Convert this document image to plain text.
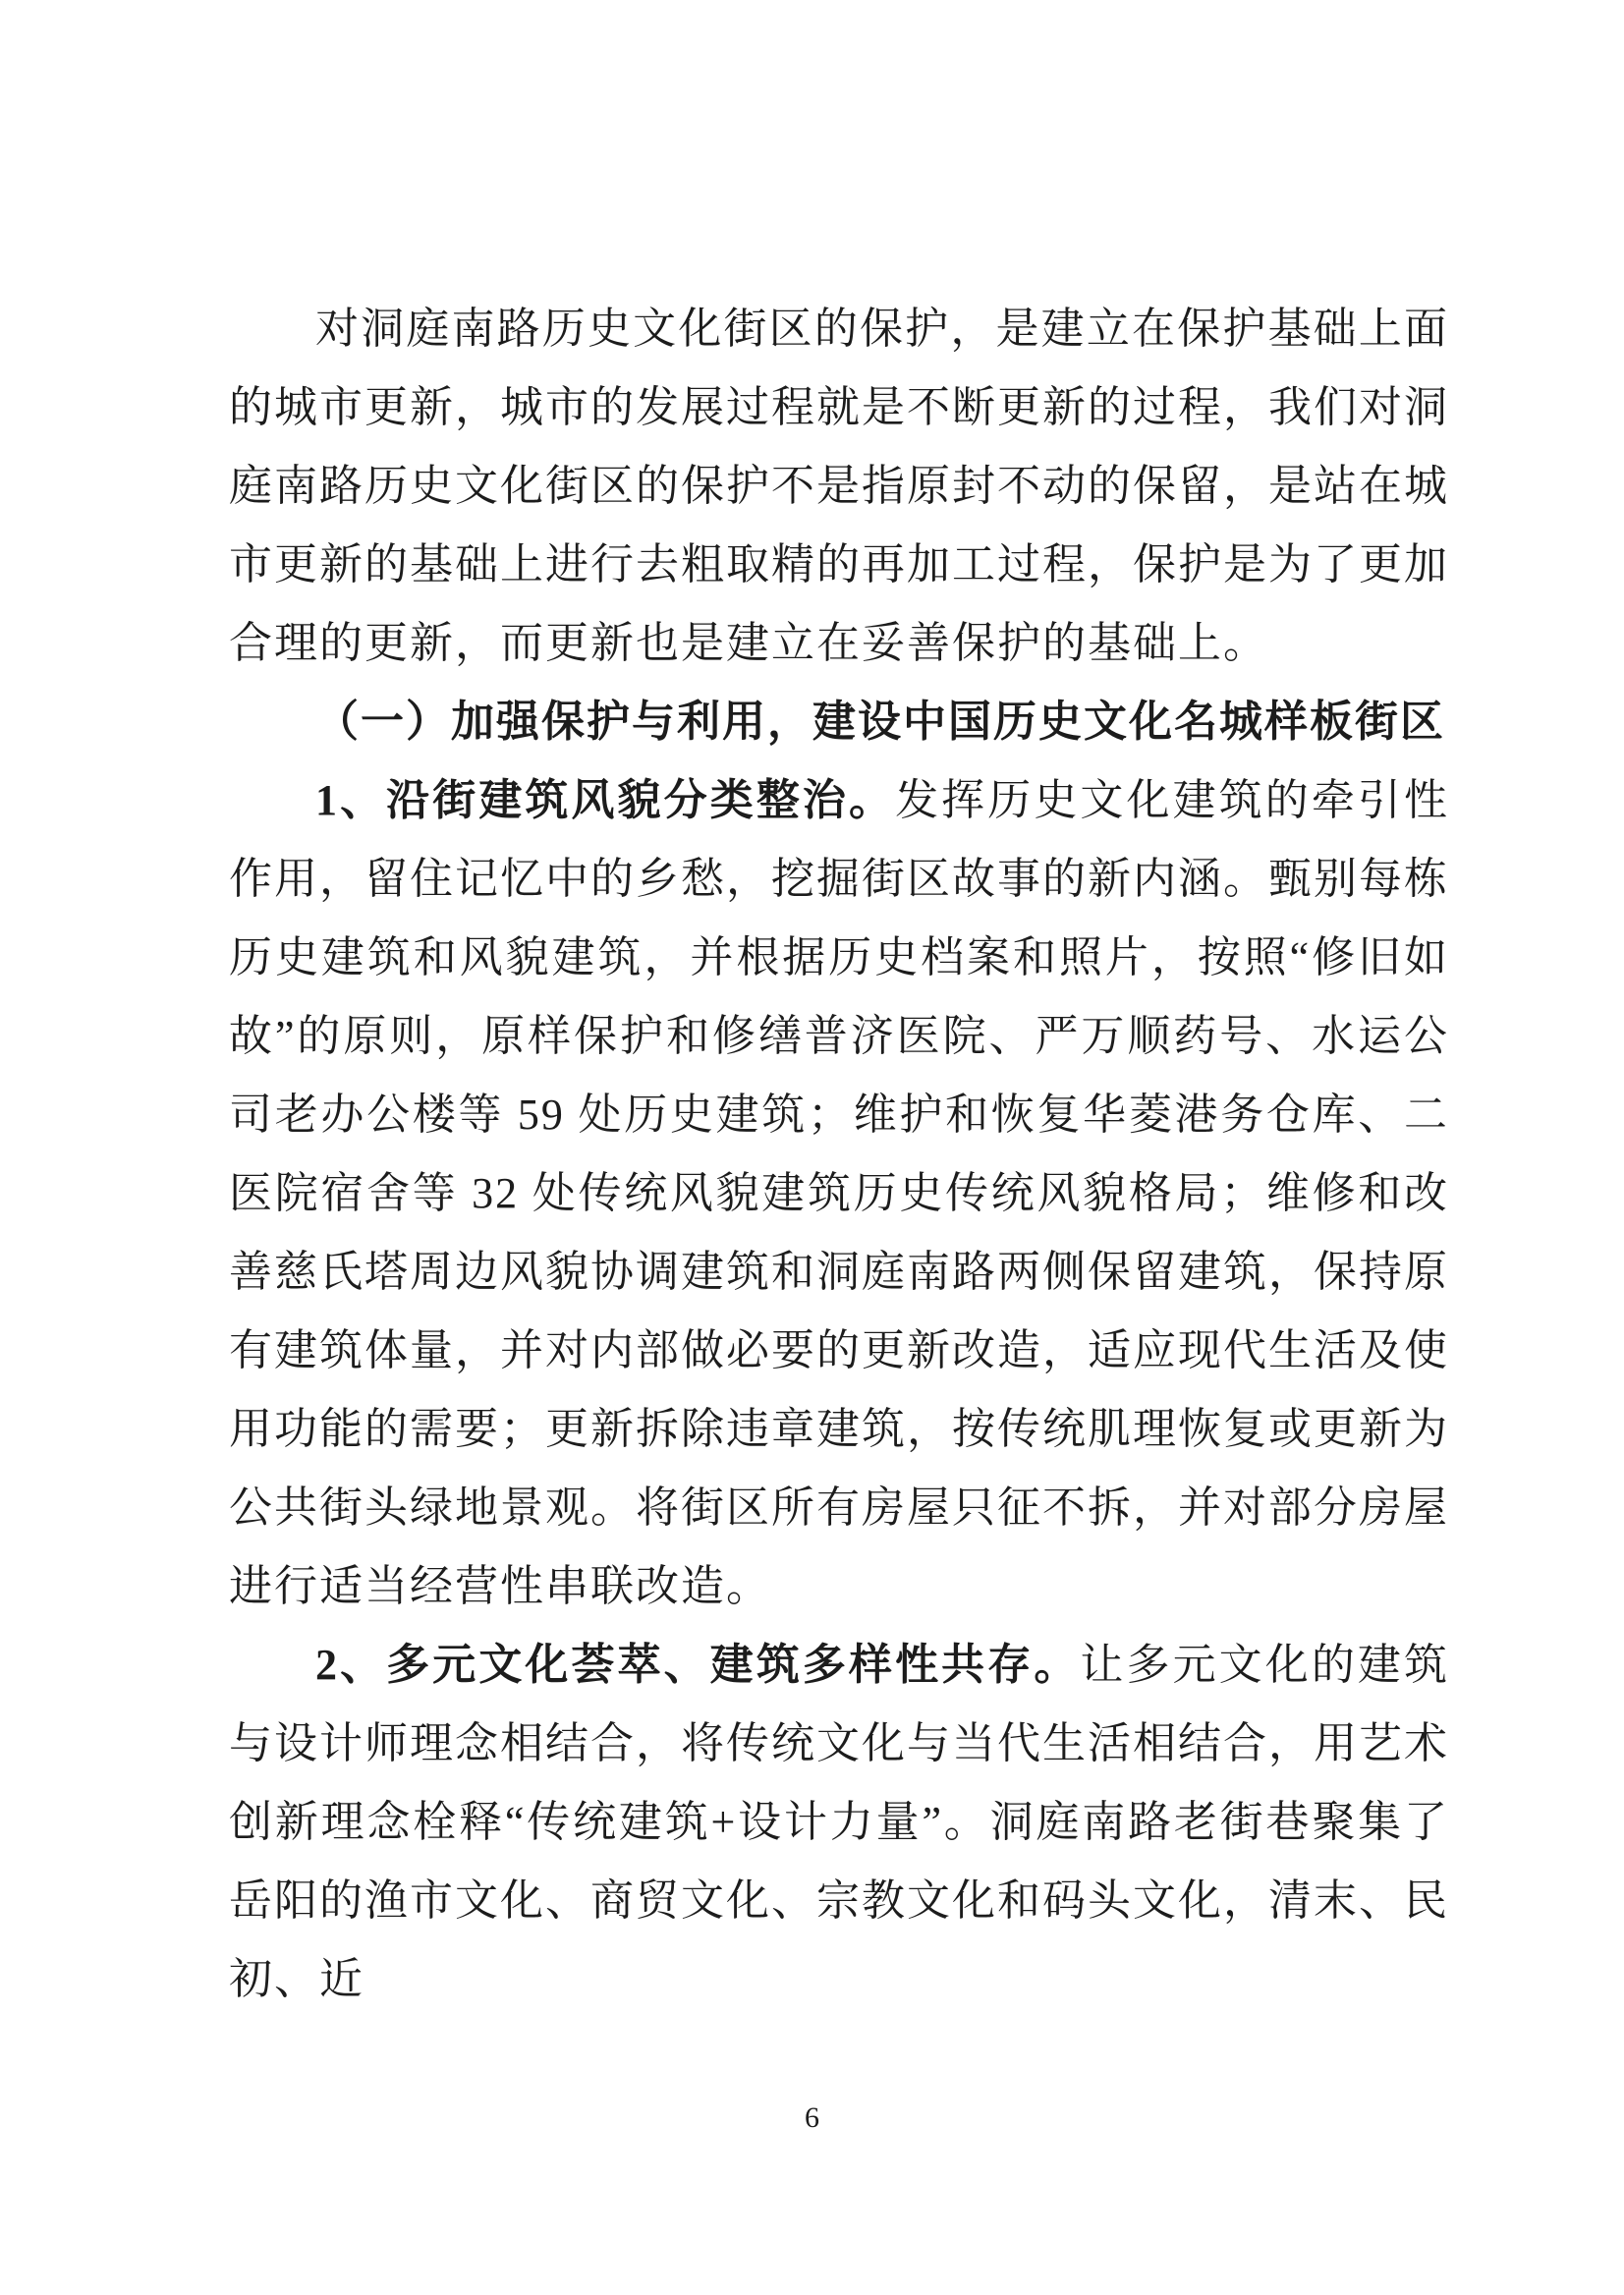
对洞庭南路历史文化街区的保护，是建立在保护基础上面的城市更新，城市的发展过程就是不断更新的过程，我们对洞庭南路历史文化街区的保护不是指原封不动的保留，是站在城市更新的基础上进行去粗取精的再加工过程，保护是为了更加合理的更新，而更新也是建立在妥善保护的基础上。

（一）加强保护与利用，建设中国历史文化名城样板街区

1、沿街建筑风貌分类整治。发挥历史文化建筑的牵引性作用，留住记忆中的乡愁，挖掘街区故事的新内涵。甄别每栋历史建筑和风貌建筑，并根据历史档案和照片，按照“修旧如故”的原则，原样保护和修缮普济医院、严万顺药号、水运公司老办公楼等 59 处历史建筑；维护和恢复华菱港务仓库、二医院宿舍等 32 处传统风貌建筑历史传统风貌格局；维修和改善慈氏塔周边风貌协调建筑和洞庭南路两侧保留建筑，保持原有建筑体量，并对内部做必要的更新改造，适应现代生活及使用功能的需要；更新拆除违章建筑，按传统肌理恢复或更新为公共街头绿地景观。将街区所有房屋只征不拆，并对部分房屋进行适当经营性串联改造。

2、多元文化荟萃、建筑多样性共存。让多元文化的建筑与设计师理念相结合，将传统文化与当代生活相结合，用艺术创新理念栓释“传统建筑+设计力量”。洞庭南路老街巷聚集了岳阳的渔市文化、商贸文化、宗教文化和码头文化，清末、民初、近

6
